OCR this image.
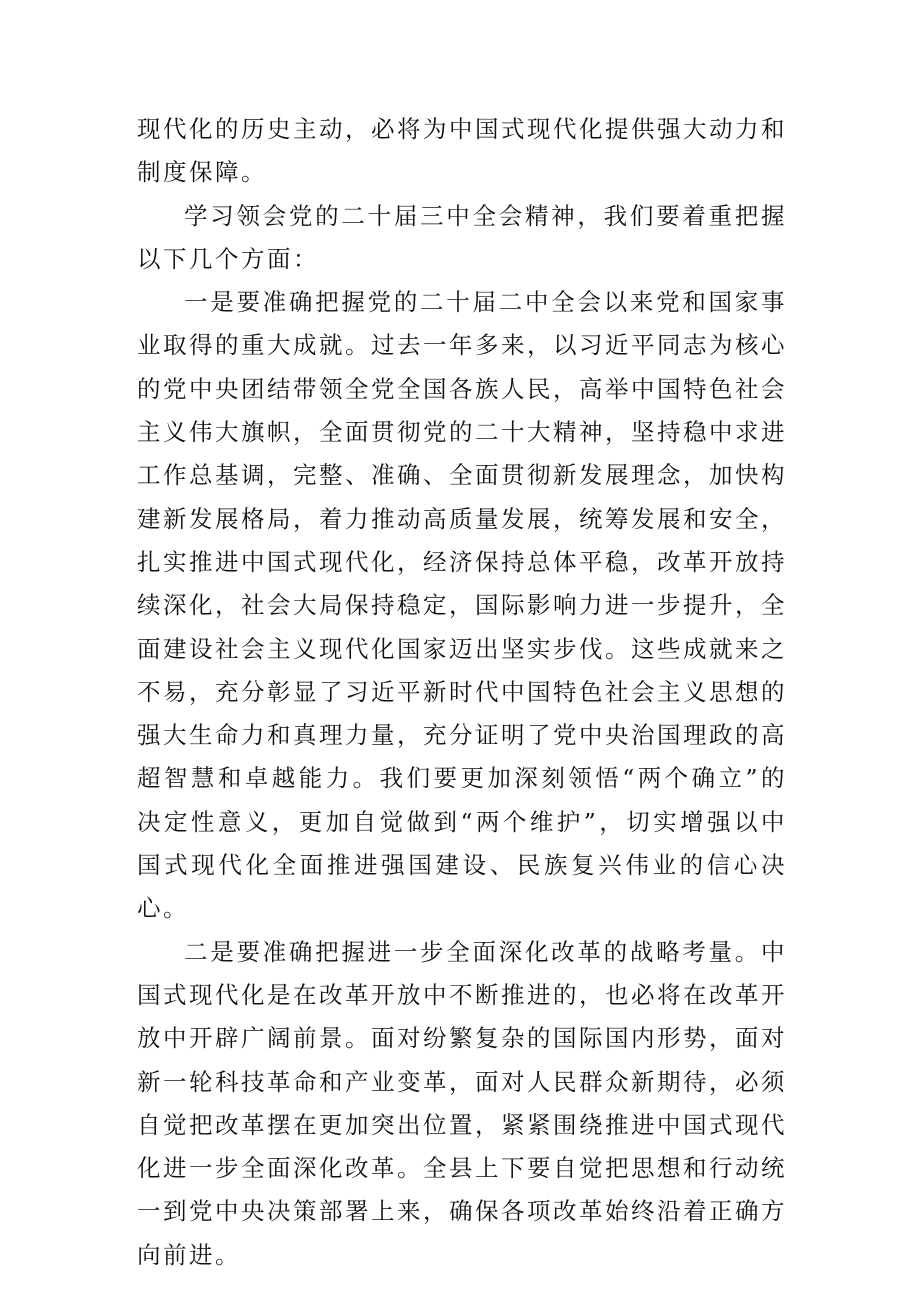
现代化的历史主动，必将为中国式现代化提供强大动力和制度保障。

学习领会党的二十届三中全会精神，我们要着重把握以下几个方面：

一是要准确把握党的二十届二中全会以来党和国家事业取得的重大成就。过去一年多来，以习近平同志为核心的党中央团结带领全党全国各族人民，高举中国特色社会主义伟大旗帜，全面贯彻党的二十大精神，坚持稳中求进工作总基调，完整、准确、全面贯彻新发展理念，加快构建新发展格局，着力推动高质量发展，统筹发展和安全，扎实推进中国式现代化，经济保持总体平稳，改革开放持续深化，社会大局保持稳定，国际影响力进一步提升，全面建设社会主义现代化国家迈出坚实步伐。这些成就来之不易，充分彰显了习近平新时代中国特色社会主义思想的强大生命力和真理力量，充分证明了党中央治国理政的高超智慧和卓越能力。我们要更加深刻领悟“两个确立”的决定性意义，更加自觉做到“两个维护”，切实增强以中国式现代化全面推进强国建设、民族复兴伟业的信心决心。

二是要准确把握进一步全面深化改革的战略考量。中国式现代化是在改革开放中不断推进的，也必将在改革开放中开辟广阔前景。面对纷繁复杂的国际国内形势，面对新一轮科技革命和产业变革，面对人民群众新期待，必须自觉把改革摆在更加突出位置，紧紧围绕推进中国式现代化进一步全面深化改革。全县上下要自觉把思想和行动统一到党中央决策部署上来，确保各项改革始终沿着正确方向前进。
